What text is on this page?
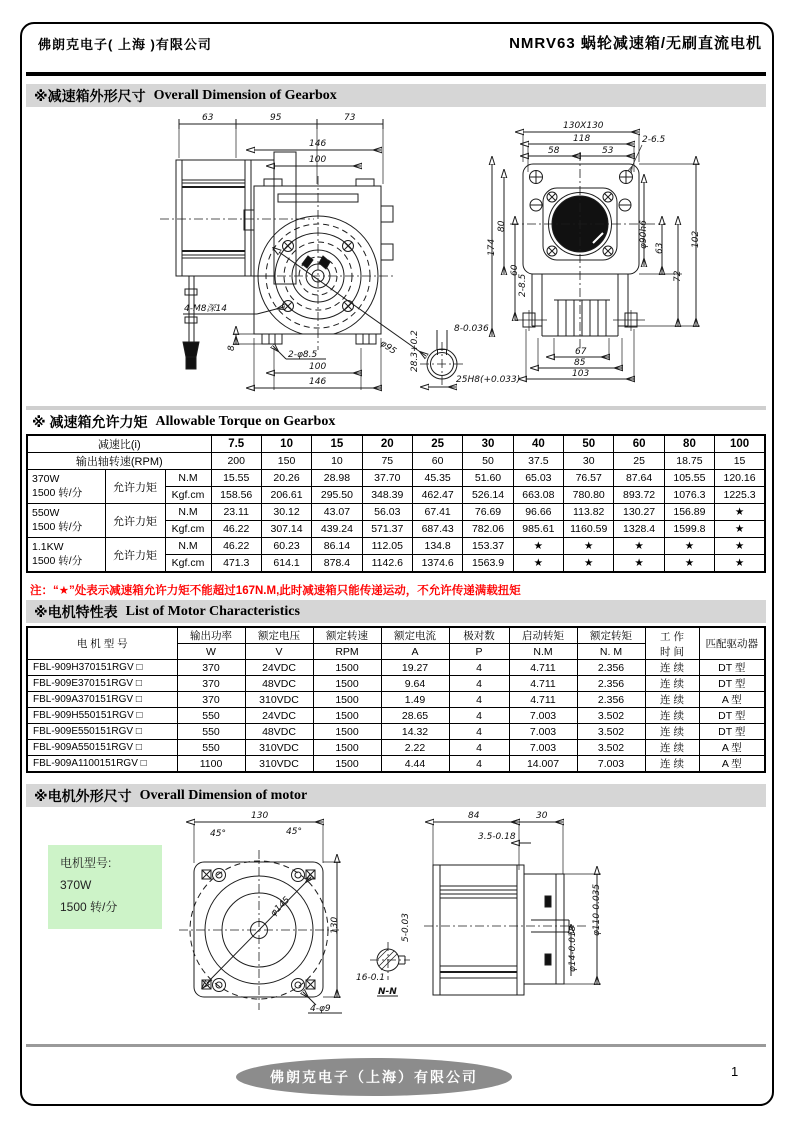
佛朗克电子( 上海 )有限公司	NMRV63 蜗轮减速箱/无刷直流电机
※减速箱外形尺寸 Overall Dimension of Gearbox
63	95	73
146
100
4-M8深14
2-φ8.5
8
100
146
φ95
8-0.036
28.3+0.2
25H8(+0.033)
130X130
118
58	53
2-6.5
174
80
60
2-8.5
φ90h6 63
72
102
67
85
103
※ 减速箱允许力矩 Allowable Torque on Gearbox
减速比(i)			7.5	10	15	20	25	30	40	50	60	80	100
输出轴转速(RPM)			200	150	10	75	60	50	37.5	30	25	18.75	15

370W
1500 转/分	允许力矩	N.M	15.55	20.26	28.98	37.70	45.35	51.60	65.03	76.57	87.64	105.55	120.16
		Kgf.cm	158.56	206.61	295.50	348.39	462.47	526.14	663.08	780.80	893.72	1076.3	1225.3

550W
1500 转/分	允许力矩	N.M	23.11	30.12	43.07	56.03	67.41	76.69	96.66	113.82	130.27	156.89	★
		Kgf.cm	46.22	307.14	439.24	571.37	687.43	782.06	985.61	1160.59	1328.4	1599.8	★

1.1KW
1500 转/分	允许力矩	N.M	46.22	60.23	86.14	112.05	134.8	153.37	★	★	★	★	★
		Kgf.cm	471.3	614.1	878.4	1142.6	1374.6	1563.9	★	★	★	★	★
注：“★”处表示减速箱允许力矩不能超过167N.M,此时减速箱只能传递运动，不允许传递满载扭矩
※电机特性表 List of Motor Characteristics
电 机 型 号	输出功率	额定电压	额定转速	额定电流	极对数	启动转矩	额定转矩	工 作
时 间	匹配驱动器
	W	V	RPM	A	P	N.M	N. M		
FBL-909H370151RGV □	370	24VDC	1500	19.27	4	4.711	2.356	连 续	DT 型
FBL-909E370151RGV □	370	48VDC	1500	9.64	4	4.711	2.356	连 续	DT 型
FBL-909A370151RGV □	370	310VDC	1500	1.49	4	4.711	2.356	连 续	A 型
FBL-909H550151RGV □	550	24VDC	1500	28.65	4	7.003	3.502	连 续	DT 型
FBL-909E550151RGV □	550	48VDC	1500	14.32	4	7.003	3.502	连 续	DT 型
FBL-909A550151RGV □	550	310VDC	1500	2.22	4	7.003	3.502	连 续	A 型
FBL-909A1100151RGV □	1100	310VDC	1500	4.44	4	14.007	7.003	连 续	A 型
※电机外形尺寸 Overall Dimension of motor
电机型号:
370W
1500 转/分
130
45°	45°
φ145
130
4-φ9
16-0.1
5-0.03
N-N
84	30
3.5-0.18
φ14-0.018
φ110-0.035
佛朗克电子（上海）有限公司	1
